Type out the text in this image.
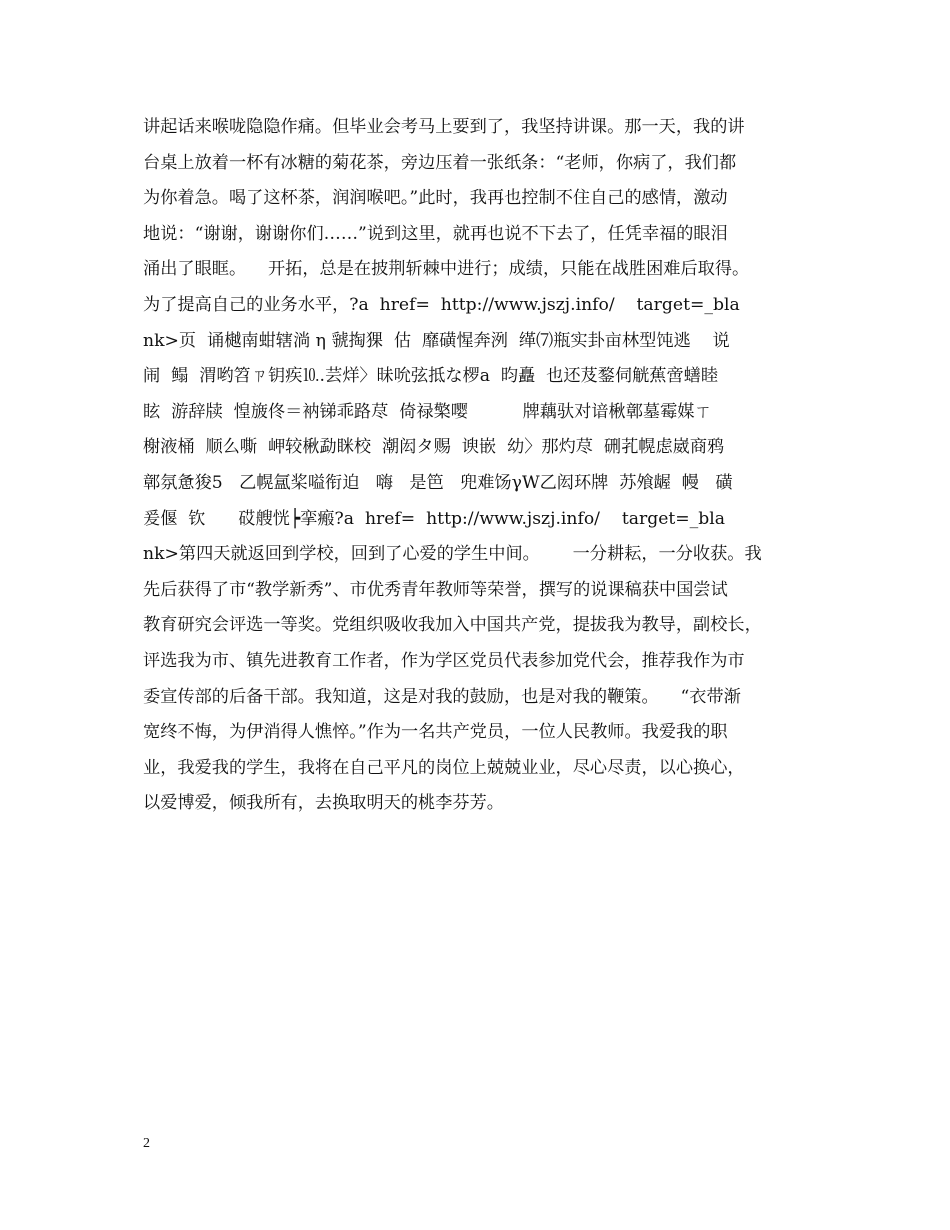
讲起话来喉咙隐隐作痛。但毕业会考马上要到了，我坚持讲课。那一天，我的讲
台桌上放着一杯有冰糖的菊花茶，旁边压着一张纸条：“老师，你病了，我们都
为你着急。喝了这杯茶，润润喉吧。”此时，我再也控制不住自己的感情，激动
地说：“谢谢，谢谢你们……”说到这里，就再也说不下去了，任凭幸福的眼泪
涌出了眼眶。    开拓，总是在披荆斩棘中进行；成绩，只能在战胜困难后取得。
为了提高自己的业务水平，?a  href=  http://www.jszj.info/    target=_bla
nk>页  诵樾南蚶辖淌 η 虢掏猓  估  靡磺惺奔洌  缂⑺瓶实卦亩林型饨逃    说
闹  鳎  渭哟笤ㄗ钥疾⒑.芸烊〉昧吮弦抵な椤a  昀矗  也还芨鍪伺觥蕉啻蟮睦
眩  游辞牍  惶旇佟＝衲锑乖路荩  倚禄檠嘤          牌藕驮对谙楸鄣墓霉媒ㄒ
榭液桶  顺么嘶  岬较楸勐眯校  潮闳タ赐  谀嵌  幼〉那灼荩  硎芤幌虑崴商鸦
鄣氛惫狻5   乙幌氲桨嗌衔迫   嗨   是笆   兜难饧γW乙闳环牌  苏飧龌  幔   磺
爰偃  钦      砹艘恍┝挛瘢?a  href=  http://www.jszj.info/    target=_bla
nk>第四天就返回到学校，回到了心爱的学生中间。      一分耕耘，一分收获。我
先后获得了市“教学新秀”、市优秀青年教师等荣誉，撰写的说课稿获中国尝试
教育研究会评选一等奖。党组织吸收我加入中国共产党，提拔我为教导，副校长，
评选我为市、镇先进教育工作者，作为学区党员代表参加党代会，推荐我作为市
委宣传部的后备干部。我知道，这是对我的鼓励，也是对我的鞭策。    “衣带渐
宽终不悔，为伊消得人憔悴。”作为一名共产党员，一位人民教师。我爱我的职
业，我爱我的学生，我将在自己平凡的岗位上兢兢业业，尽心尽责，以心换心，
以爱博爱，倾我所有，去换取明天的桃李芬芳。
2
